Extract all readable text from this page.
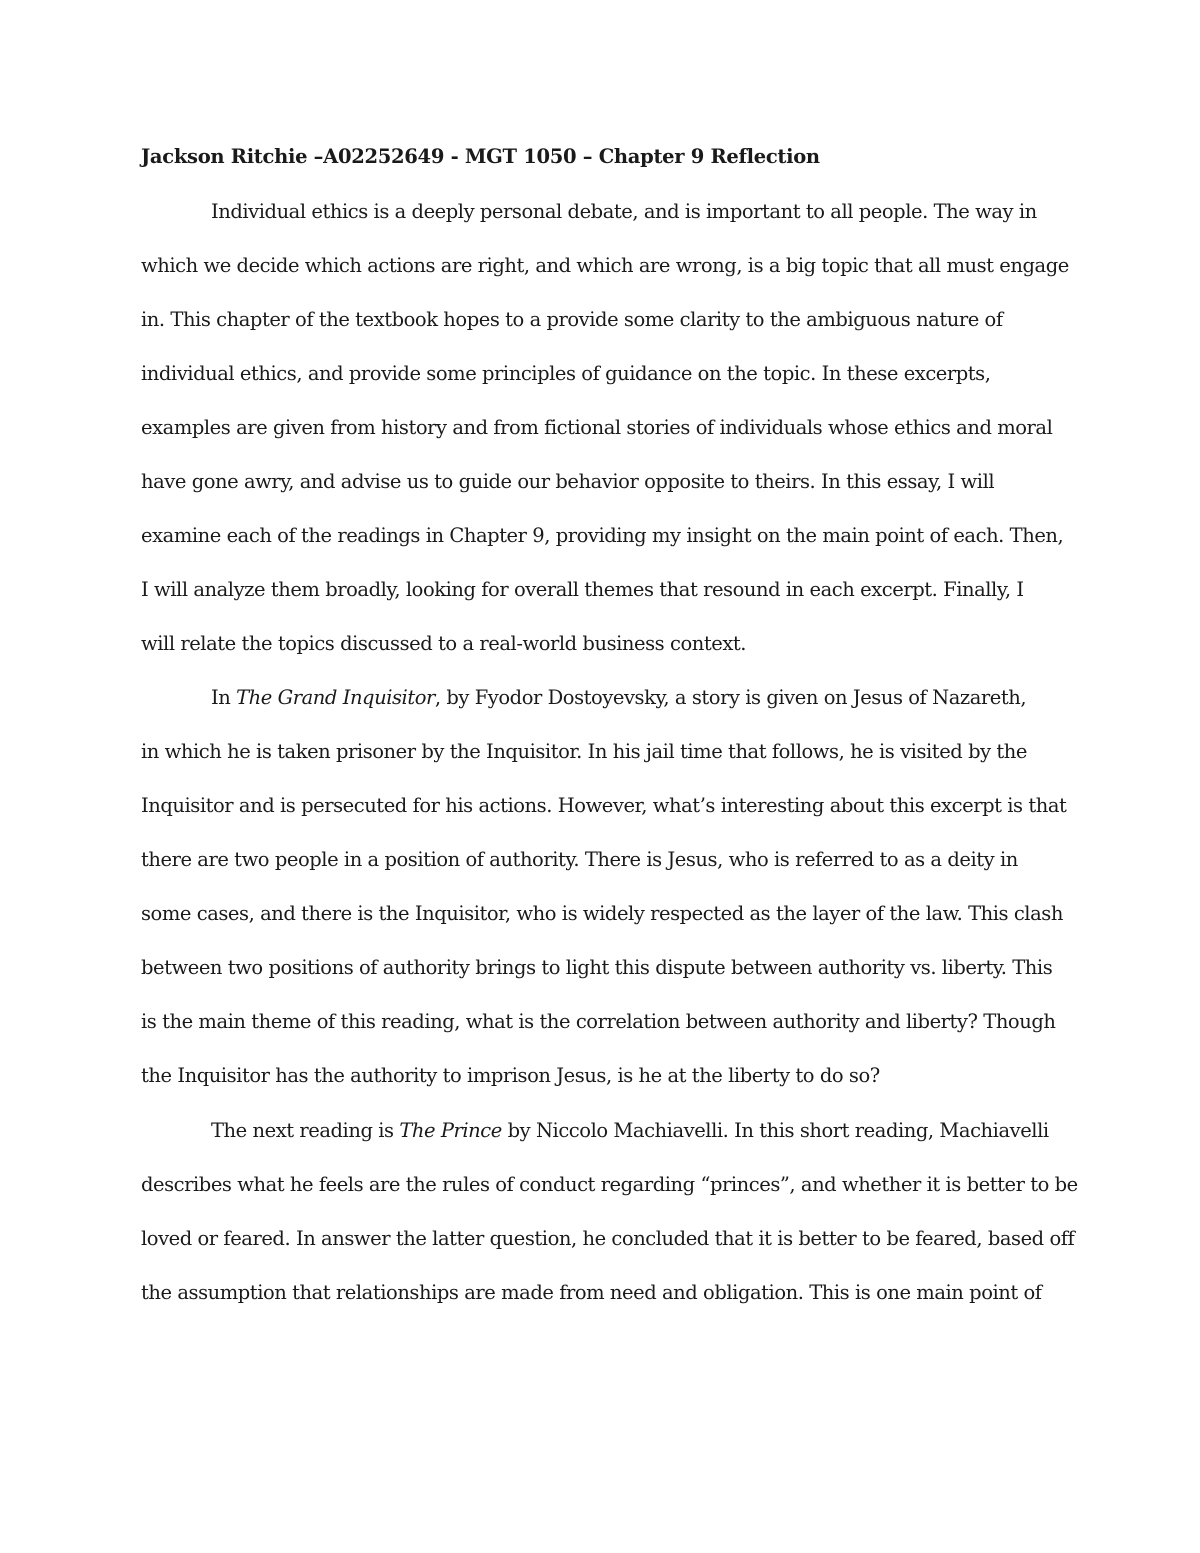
Jackson Ritchie –A02252649 - MGT 1050 – Chapter 9 Reflection
Individual ethics is a deeply personal debate, and is important to all people. The way in
which we decide which actions are right, and which are wrong, is a big topic that all must engage
in. This chapter of the textbook hopes to a provide some clarity to the ambiguous nature of
individual ethics, and provide some principles of guidance on the topic. In these excerpts,
examples are given from history and from fictional stories of individuals whose ethics and moral
have gone awry, and advise us to guide our behavior opposite to theirs. In this essay, I will
examine each of the readings in Chapter 9, providing my insight on the main point of each. Then,
I will analyze them broadly, looking for overall themes that resound in each excerpt. Finally, I
will relate the topics discussed to a real-world business context.
In The Grand Inquisitor, by Fyodor Dostoyevsky, a story is given on Jesus of Nazareth,
in which he is taken prisoner by the Inquisitor. In his jail time that follows, he is visited by the
Inquisitor and is persecuted for his actions. However, what’s interesting about this excerpt is that
there are two people in a position of authority. There is Jesus, who is referred to as a deity in
some cases, and there is the Inquisitor, who is widely respected as the layer of the law. This clash
between two positions of authority brings to light this dispute between authority vs. liberty. This
is the main theme of this reading, what is the correlation between authority and liberty? Though
the Inquisitor has the authority to imprison Jesus, is he at the liberty to do so?
The next reading is The Prince by Niccolo Machiavelli. In this short reading, Machiavelli
describes what he feels are the rules of conduct regarding “princes”, and whether it is better to be
loved or feared. In answer the latter question, he concluded that it is better to be feared, based off
the assumption that relationships are made from need and obligation. This is one main point of
